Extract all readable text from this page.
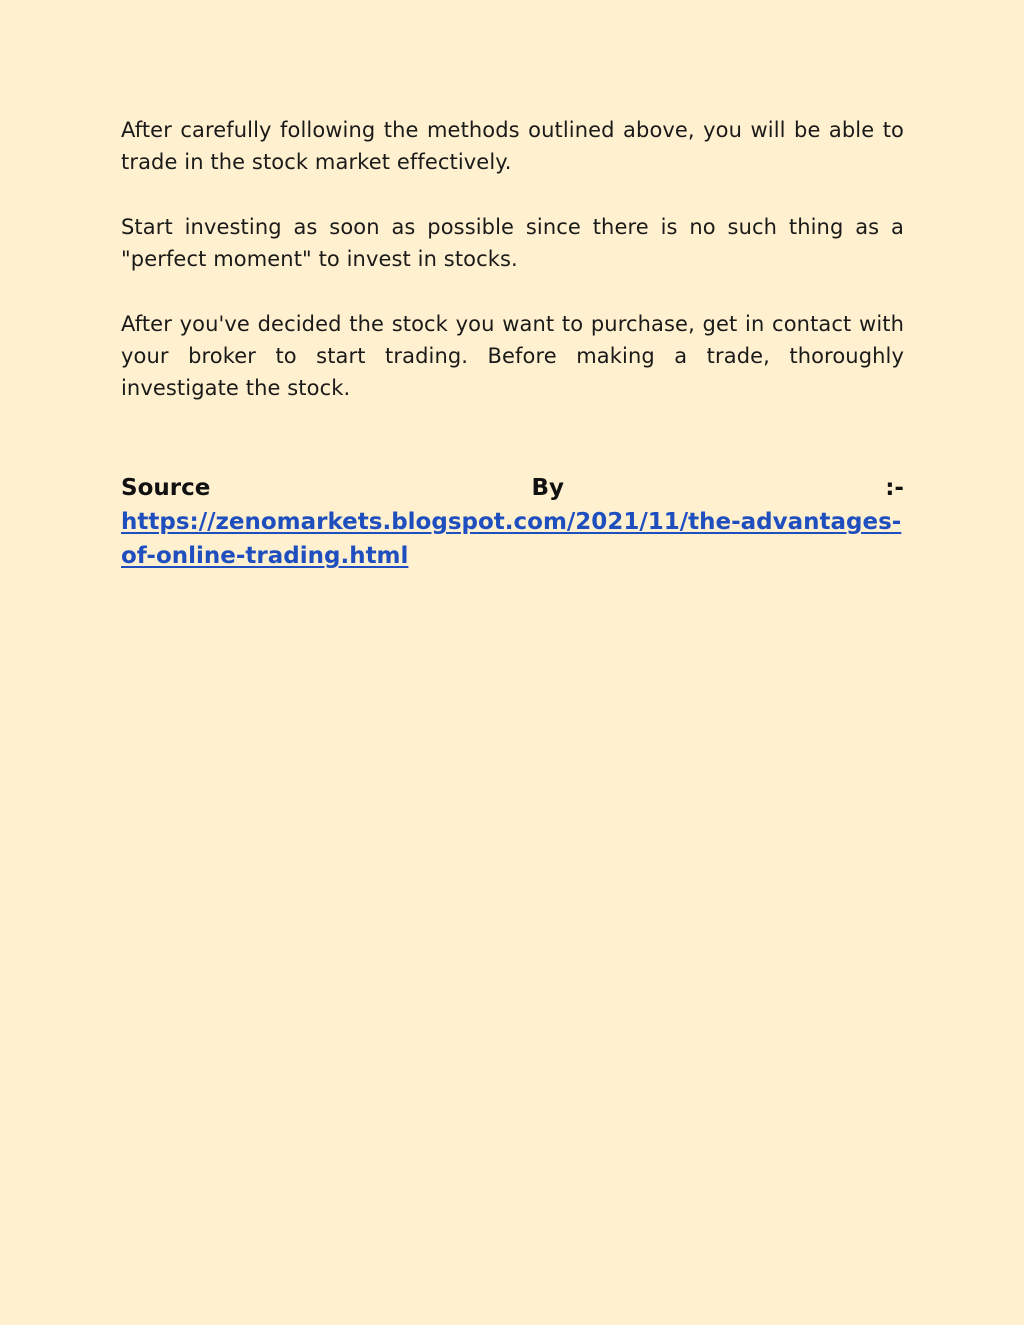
After carefully following the methods outlined above, you will be able to trade in the stock market effectively.

Start investing as soon as possible since there is no such thing as a "perfect moment" to invest in stocks.

After you've decided the stock you want to purchase, get in contact with your broker to start trading. Before making a trade, thoroughly investigate the stock.

Source	By	:-
https://zenomarkets.blogspot.com/2021/11/the-advantages-of-online-trading.html
